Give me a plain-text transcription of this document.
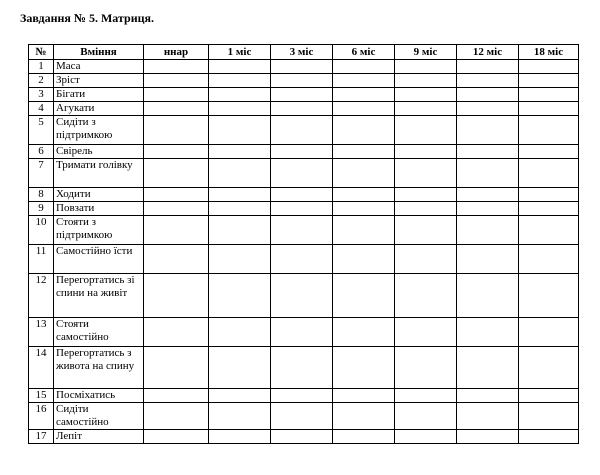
Завдання № 5. Матриця.
№	Вміння	ннар	1 міс	3 міс	6 міс	9 міс	12 міс	18 міс
1	Маса							
2	Зріст							
3	Бігати							
4	Агукати							
5	Сидіти з підтримкою							
6	Свірель							
7	Тримати голівку							
8	Ходити							
9	Повзати							
10	Стояти з підтримкою							
11	Самостійно їсти							
12	Перегортатись зі спини на живіт							
13	Стояти самостійно							
14	Перегортатись з живота на спину							
15	Посміхатись							
16	Сидіти самостійно							
17	Лепіт							
